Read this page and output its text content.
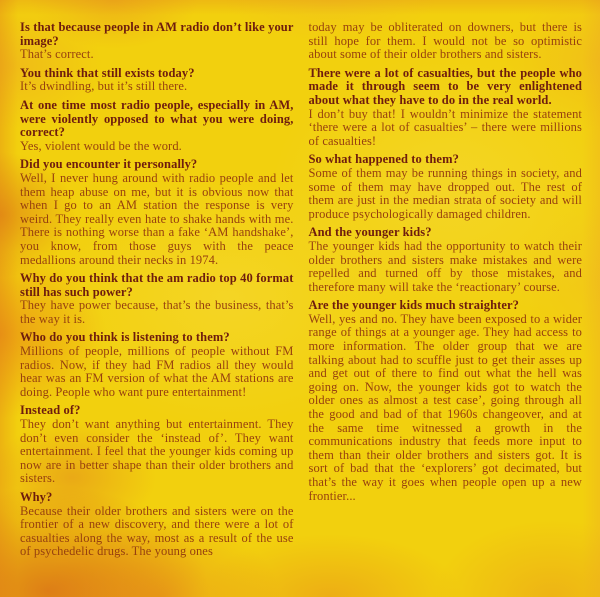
Is that because people in AM radio don’t like your image?

That’s correct.

You think that still exists today?

It’s dwindling, but it’s still there.

At one time most radio people, especially in AM, were violently opposed to what you were doing, correct?

Yes, violent would be the word.

Did you encounter it personally?

Well, I never hung around with radio people and let them heap abuse on me, but it is obvious now that when I go to an AM station the response is very weird. They really even hate to shake hands with me. There is nothing worse than a fake ‘AM handshake’, you know, from those guys with the peace medallions around their necks in 1974.

Why do you think that the am radio top 40 format still has such power?

They have power because, that’s the business, that’s the way it is.

Who do you think is listening to them?

Millions of people, millions of people without FM radios. Now, if they had FM radios all they would hear was an FM version of what the AM stations are doing. People who want pure entertainment!

Instead of?

They don’t want anything but entertainment. They don’t even consider the ‘instead of’. They want entertainment. I feel that the younger kids coming up now are in better shape than their older brothers and sisters.

Why?

Because their older brothers and sisters were on the frontier of a new discovery, and there were a lot of casualties along the way, most as a result of the use of psychedelic drugs. The young ones

today may be obliterated on downers, but there is still hope for them. I would not be so optimistic about some of their older brothers and sisters.

There were a lot of casualties, but the people who made it through seem to be very enlightened about what they have to do in the real world.

I don’t buy that! I wouldn’t minimize the statement ‘there were a lot of casualties’ – there were millions of casualties!

So what happened to them?

Some of them may be running things in society, and some of them may have dropped out. The rest of them are just in the median strata of society and will produce psychologically damaged children.

And the younger kids?

The younger kids had the opportunity to watch their older brothers and sisters make mistakes and were repelled and turned off by those mistakes, and therefore many will take the ‘reactionary’ course.

Are the younger kids much straighter?

Well, yes and no. They have been exposed to a wider range of things at a younger age. They had access to more information. The older group that we are talking about had to scuffle just to get their asses up and get out of there to find out what the hell was going on. Now, the younger kids got to watch the older ones as almost a test case’, going through all the good and bad of that 1960s changeover, and at the same time witnessed a growth in the communications industry that feeds more input to them than their older brothers and sisters got. It is sort of bad that the ‘explorers’ got decimated, but that’s the way it goes when people open up a new frontier...
